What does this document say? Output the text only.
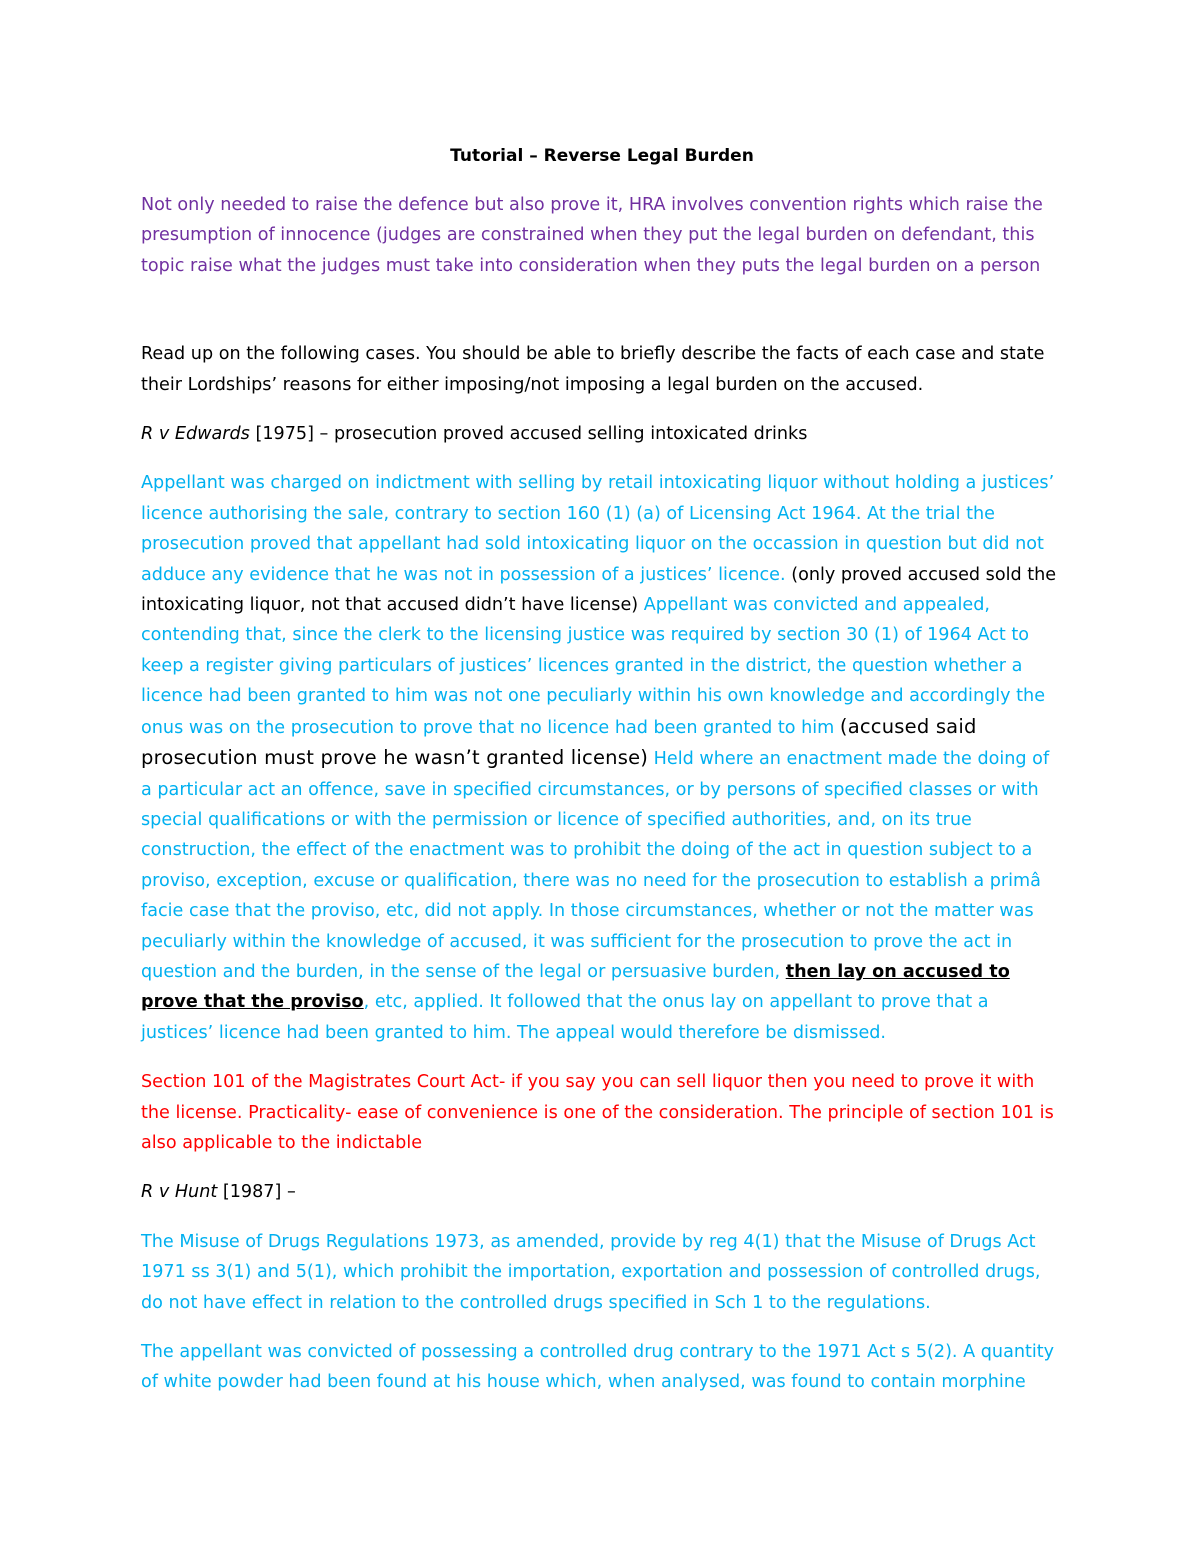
Tutorial – Reverse Legal Burden

Not only needed to raise the defence but also prove it, HRA involves convention rights which raise the presumption of innocence (judges are constrained when they put the legal burden on defendant, this topic raise what the judges must take into consideration when they puts the legal burden on a person

Read up on the following cases. You should be able to briefly describe the facts of each case and state their Lordships’ reasons for either imposing/not imposing a legal burden on the accused.

R v Edwards [1975] – prosecution proved accused selling intoxicated drinks

Appellant was charged on indictment with selling by retail intoxicating liquor without holding a justices’ licence authorising the sale, contrary to section 160 (1) (a) of Licensing Act 1964. At the trial the prosecution proved that appellant had sold intoxicating liquor on the occassion in question but did not adduce any evidence that he was not in possession of a justices’ licence. (only proved accused sold the intoxicating liquor, not that accused didn’t have license) Appellant was convicted and appealed, contending that, since the clerk to the licensing justice was required by section 30 (1) of 1964 Act to keep a register giving particulars of justices’ licences granted in the district, the question whether a licence had been granted to him was not one peculiarly within his own knowledge and accordingly the onus was on the prosecution to prove that no licence had been granted to him (accused said prosecution must prove he wasn’t granted license) Held where an enactment made the doing of a particular act an offence, save in specified circumstances, or by persons of specified classes or with special qualifications or with the permission or licence of specified authorities, and, on its true construction, the effect of the enactment was to prohibit the doing of the act in question subject to a proviso, exception, excuse or qualification, there was no need for the prosecution to establish a primâ facie case that the proviso, etc, did not apply. In those circumstances, whether or not the matter was peculiarly within the knowledge of accused, it was sufficient for the prosecution to prove the act in question and the burden, in the sense of the legal or persuasive burden, then lay on accused to prove that the proviso, etc, applied. It followed that the onus lay on appellant to prove that a justices’ licence had been granted to him. The appeal would therefore be dismissed.

Section 101 of the Magistrates Court Act- if you say you can sell liquor then you need to prove it with the license. Practicality- ease of convenience is one of the consideration. The principle of section 101 is also applicable to the indictable

R v Hunt [1987] –

The Misuse of Drugs Regulations 1973, as amended, provide by reg 4(1) that the Misuse of Drugs Act 1971 ss 3(1) and 5(1), which prohibit the importation, exportation and possession of controlled drugs, do not have effect in relation to the controlled drugs specified in Sch 1 to the regulations.

The appellant was convicted of possessing a controlled drug contrary to the 1971 Act s 5(2). A quantity of white powder had been found at his house which, when analysed, was found to contain morphine
